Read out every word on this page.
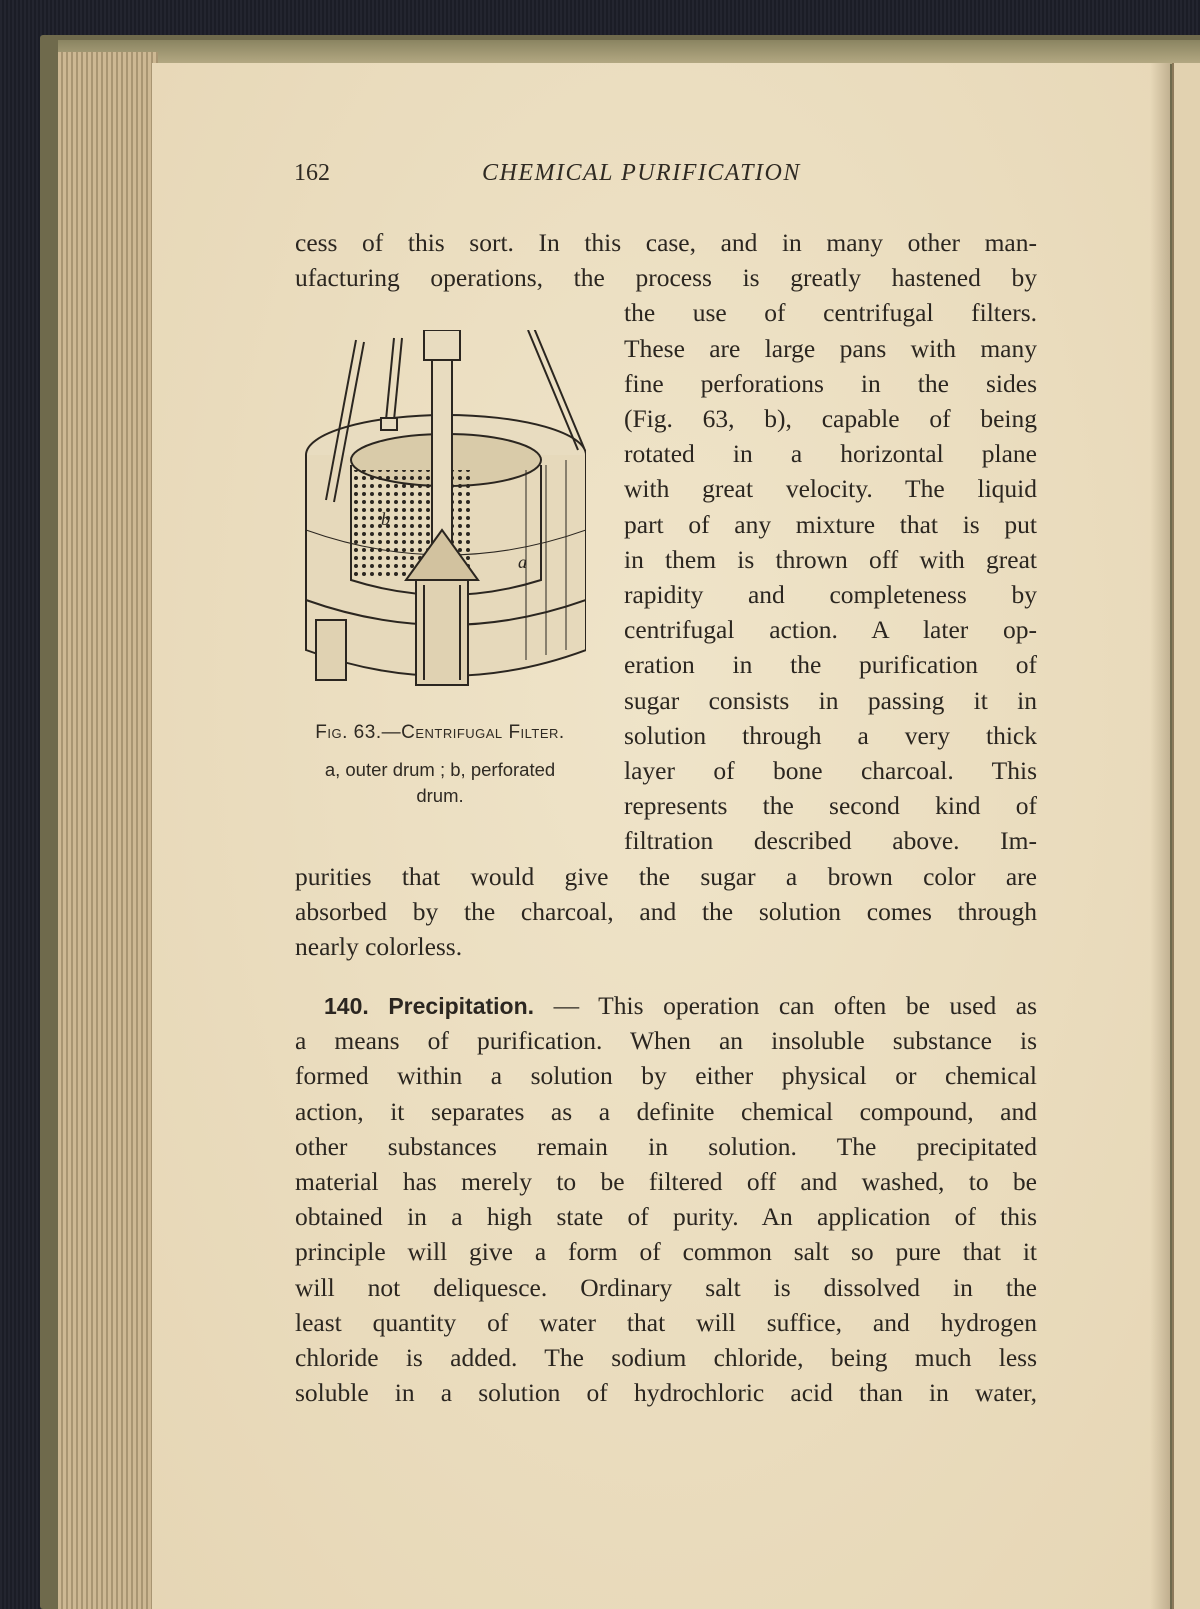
162	CHEMICAL PURIFICATION
cess of this sort. In this case, and in many other man-
ufacturing operations, the process is greatly hastened by
the use of centrifugal filters.
These are large pans with many
fine perforations in the sides
(Fig. 63, b), capable of being
rotated in a horizontal plane
with great velocity. The liquid
part of any mixture that is put
in them is thrown off with great
rapidity and completeness by
centrifugal action. A later op-
eration in the purification of
sugar consists in passing it in
solution through a very thick
layer of bone charcoal. This
represents the second kind of
filtration described above. Im-
purities that would give the sugar a brown color are
absorbed by the charcoal, and the solution comes through
nearly colorless.
a means of purification. When an insoluble substance is
formed within a solution by either physical or chemical
action, it separates as a definite chemical compound, and
other substances remain in solution. The precipitated
material has merely to be filtered off and washed, to be
obtained in a high state of purity. An application of this
principle will give a form of common salt so pure that it
will not deliquesce. Ordinary salt is dissolved in the
least quantity of water that will suffice, and hydrogen
chloride is added. The sodium chloride, being much less
soluble in a solution of hydrochloric acid than in water,
b
a
Fig. 63.—Centrifugal Filter.
a, outer drum ; b, perforated
drum.
140. Precipitation. — This operation can often be used as
